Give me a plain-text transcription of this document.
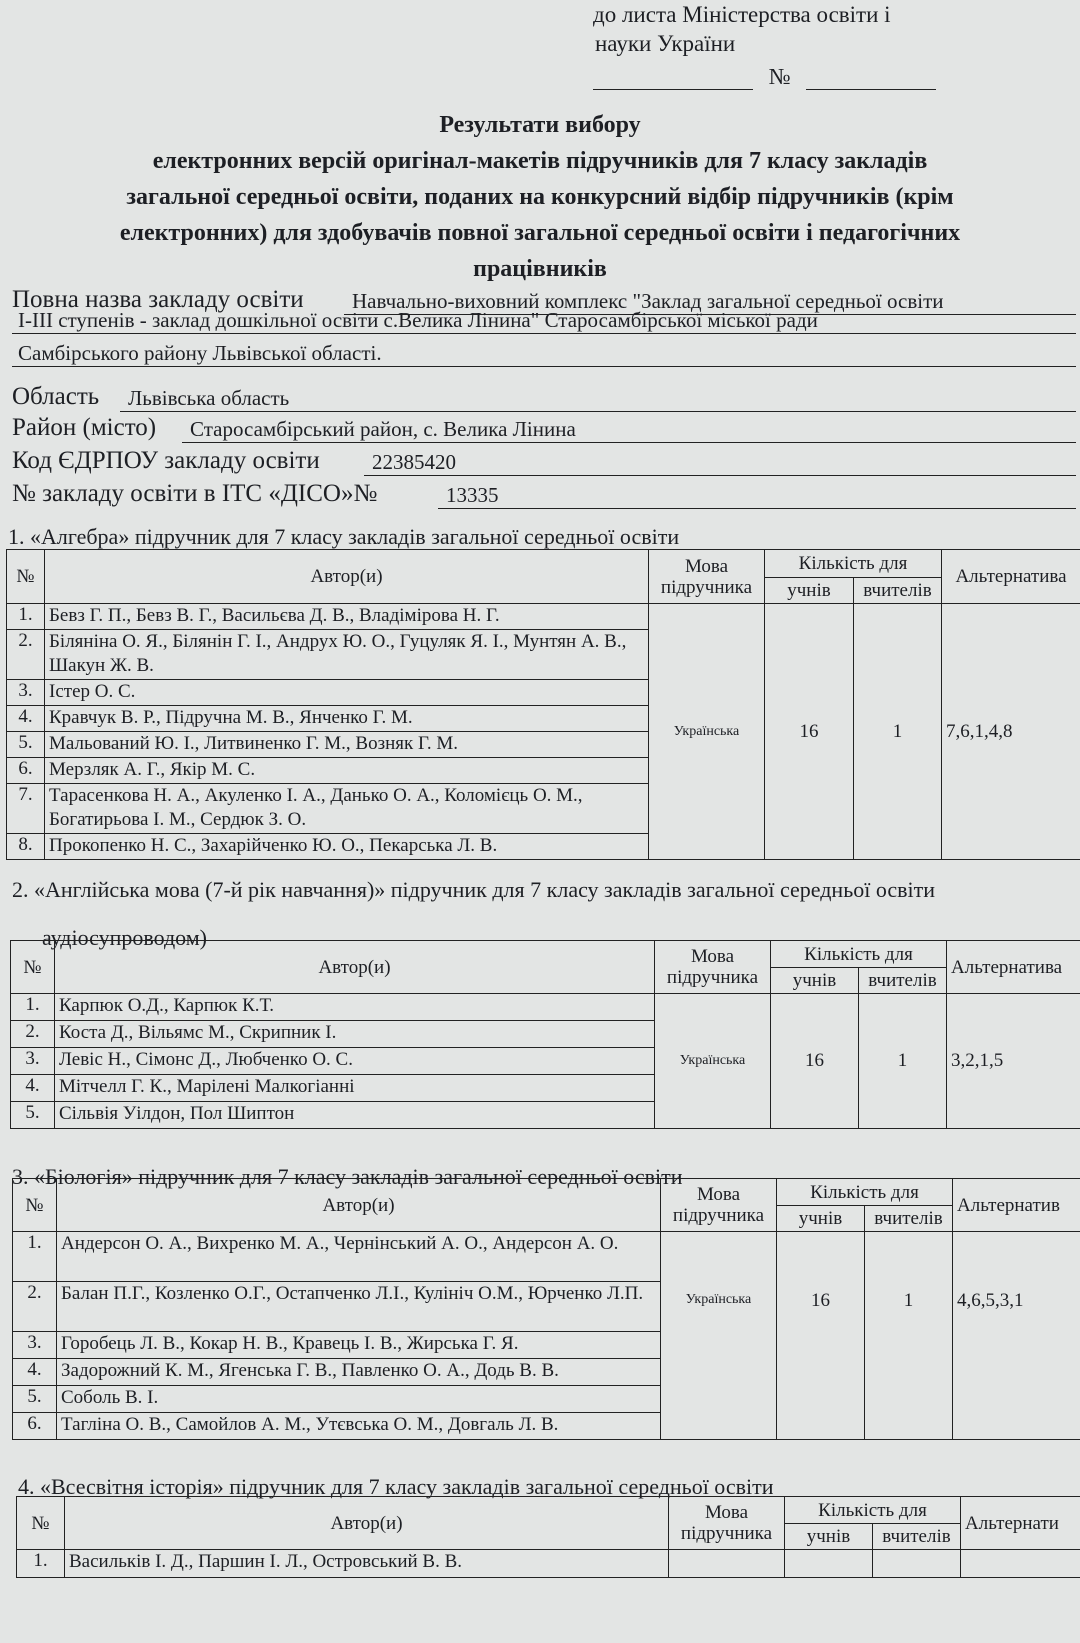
до листа Міністерства освіти і
науки України
№
Результати вибору
електронних версій оригінал-макетів підручників для 7 класу закладів
загальної середньої освіти, поданих на конкурсний відбір підручників (крім
електронних) для здобувачів повної загальної середньої освіти і педагогічних
працівників
Повна назва закладу освіти	Навчально-виховний комплекс "Заклад загальної середньої освіти
І-ІІІ ступенів - заклад дошкільної освіти с.Велика Лінина" Старосамбірської міської ради
Самбірського району Львівської області.
Область	Львівська область
Район (місто)	Старосамбірський район, с. Велика Лінина
Код ЄДРПОУ закладу освіти	22385420
№ закладу освіти в ІТС «ДІСО»№	13335
1. «Алгебра» підручник для 7 класу закладів загальної середньої освіти
№	Автор(и)	Мова
підручника	Кількість для		Альтернатива
			учнів	вчителів	
1.	Бевз Г. П., Бевз В. Г., Васильєва Д. В., Владімірова Н. Г.	Українська	16	1	7,6,1,4,8
2.	Біляніна О. Я., Білянін Г. І., Андрух Ю. О., Гуцуляк Я. І., Мунтян А. В., Шакун Ж. В.				
3.	Істер О. С.				
4.	Кравчук В. Р., Підручна М. В., Янченко Г. М.				
5.	Мальований Ю. І., Литвиненко Г. М., Возняк Г. М.				
6.	Мерзляк А. Г., Якір М. С.				
7.	Тарасенкова Н. А., Акуленко І. А., Данько О. А., Коломієць О. М., Богатирьова І. М., Сердюк З. О.				
8.	Прокопенко Н. С., Захарійченко Ю. О., Пекарська Л. В.				
2. «Англійська мова (7-й рік навчання)» підручник для 7 класу закладів загальної середньої освіти
аудіосупроводом)
№	Автор(и)	Мова
підручника	Кількість для		Альтернатива
			учнів	вчителів	
1.	Карпюк О.Д., Карпюк К.Т.	Українська	16	1	3,2,1,5
2.	Коста Д., Вільямс М., Скрипник І.				
3.	Левіс Н., Сімонс Д., Любченко О. С.				
4.	Мітчелл Г. К., Марілені Малкогіанні				
5.	Сільвія Уілдон, Пол Шиптон				
3. «Біологія» підручник для 7 класу закладів загальної середньої освіти
№	Автор(и)	Мова
підручника	Кількість для		Альтернатив
			учнів	вчителів	
1.	Андерсон О. А., Вихренко М. А., Чернінський А. О., Андерсон А. О.	Українська	16	1	4,6,5,3,1
2.	Балан П.Г., Козленко О.Г., Остапченко Л.І., Кулініч О.М., Юрченко Л.П.				
3.	Горобець Л. В., Кокар Н. В., Кравець І. В., Жирська Г. Я.				
4.	Задорожний К. М., Ягенська Г. В., Павленко О. А., Додь В. В.				
5.	Соболь В. І.				
6.	Тагліна О. В., Самойлов А. М., Утєвська О. М., Довгаль Л. В.				
4. «Всесвітня історія» підручник для 7 класу закладів загальної середньої освіти
№	Автор(и)	Мова
підручника	Кількість для		Альтернати
			учнів	вчителів	
1.	Васильків І. Д., Паршин І. Л., Островський В. В.				
